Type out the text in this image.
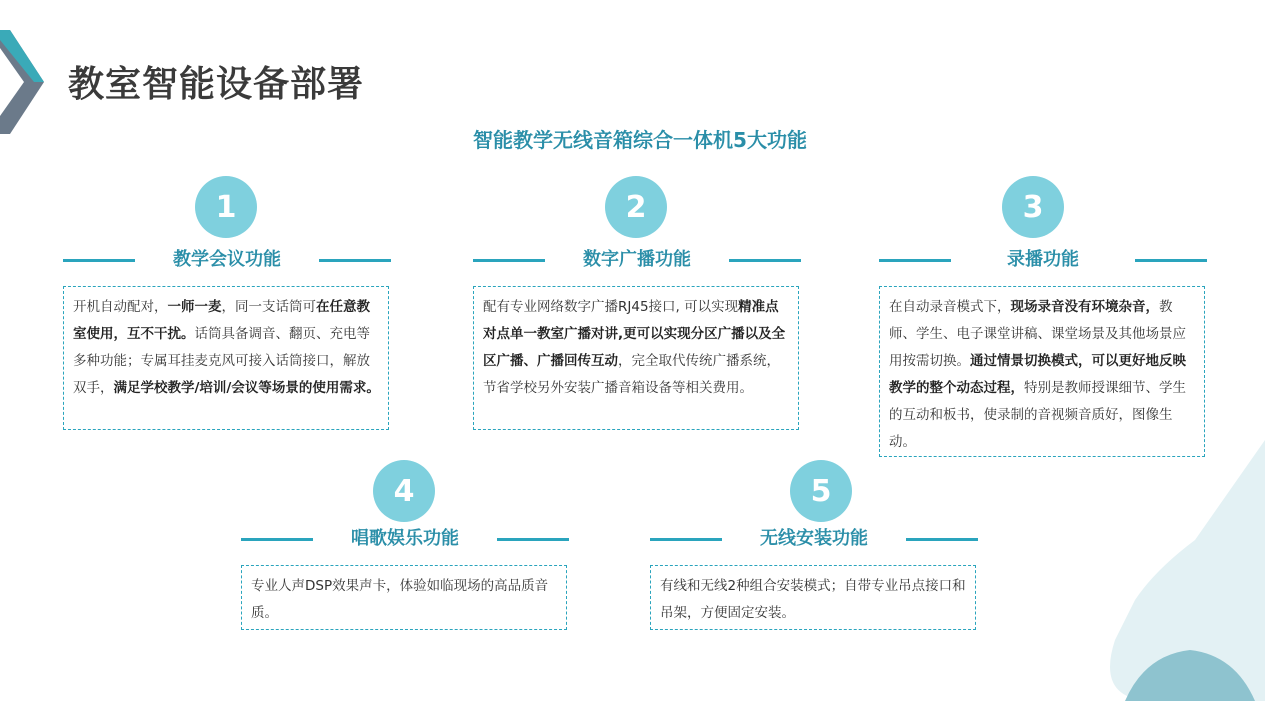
教室智能设备部署
智能教学无线音箱综合一体机5大功能
1
教学会议功能
开机自动配对，一师一麦，同一支话筒可在任意教室使用，互不干扰。话筒具备调音、翻页、充电等多种功能；专属耳挂麦克风可接入话筒接口，解放双手，满足学校教学/培训/会议等场景的使用需求。
2
数字广播功能
配有专业网络数字广播RJ45接口, 可以实现精准点对点单一教室广播对讲,更可以实现分区广播以及全区广播、广播回传互动，完全取代传统广播系统，节省学校另外安装广播音箱设备等相关费用。
3
录播功能
在自动录音模式下，现场录音没有环境杂音，教师、学生、电子课堂讲稿、课堂场景及其他场景应用按需切换。通过情景切换模式，可以更好地反映教学的整个动态过程，特别是教师授课细节、学生的互动和板书，使录制的音视频音质好，图像生动。
4
唱歌娱乐功能
专业人声DSP效果声卡，体验如临现场的高品质音质。
5
无线安装功能
有线和无线2种组合安装模式；自带专业吊点接口和吊架，方便固定安装。
